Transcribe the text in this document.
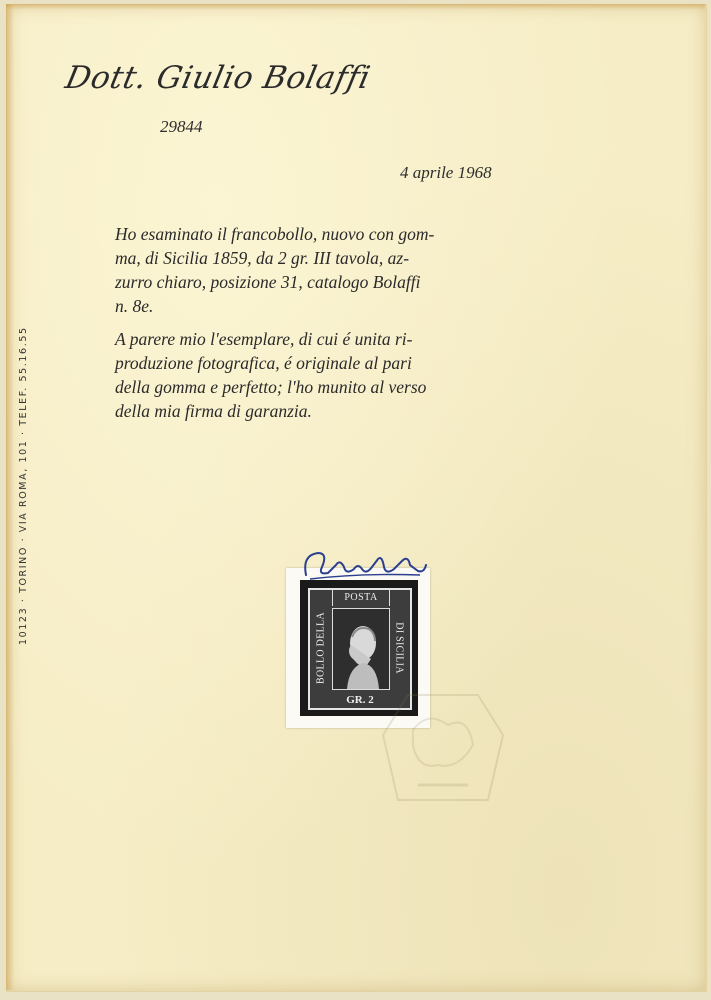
Dott. Giulio Bolaffi
29844
4 aprile 1968
Ho esaminato il francobollo, nuovo con gom-
ma, di Sicilia 1859, da 2 gr. III tavola, az-
zurro chiaro, posizione 31, catalogo Bolaffi
n. 8e.
A parere mio l'esemplare, di cui é unita ri-
produzione fotografica, é originale al pari
della gomma e perfetto; l'ho munito al verso
della mia firma di garanzia.
10123 · TORINO · VIA ROMA, 101 · TELEF. 55.16.55	POSTA
BOLLO DELLA	DI SICILIA
GR. 2
